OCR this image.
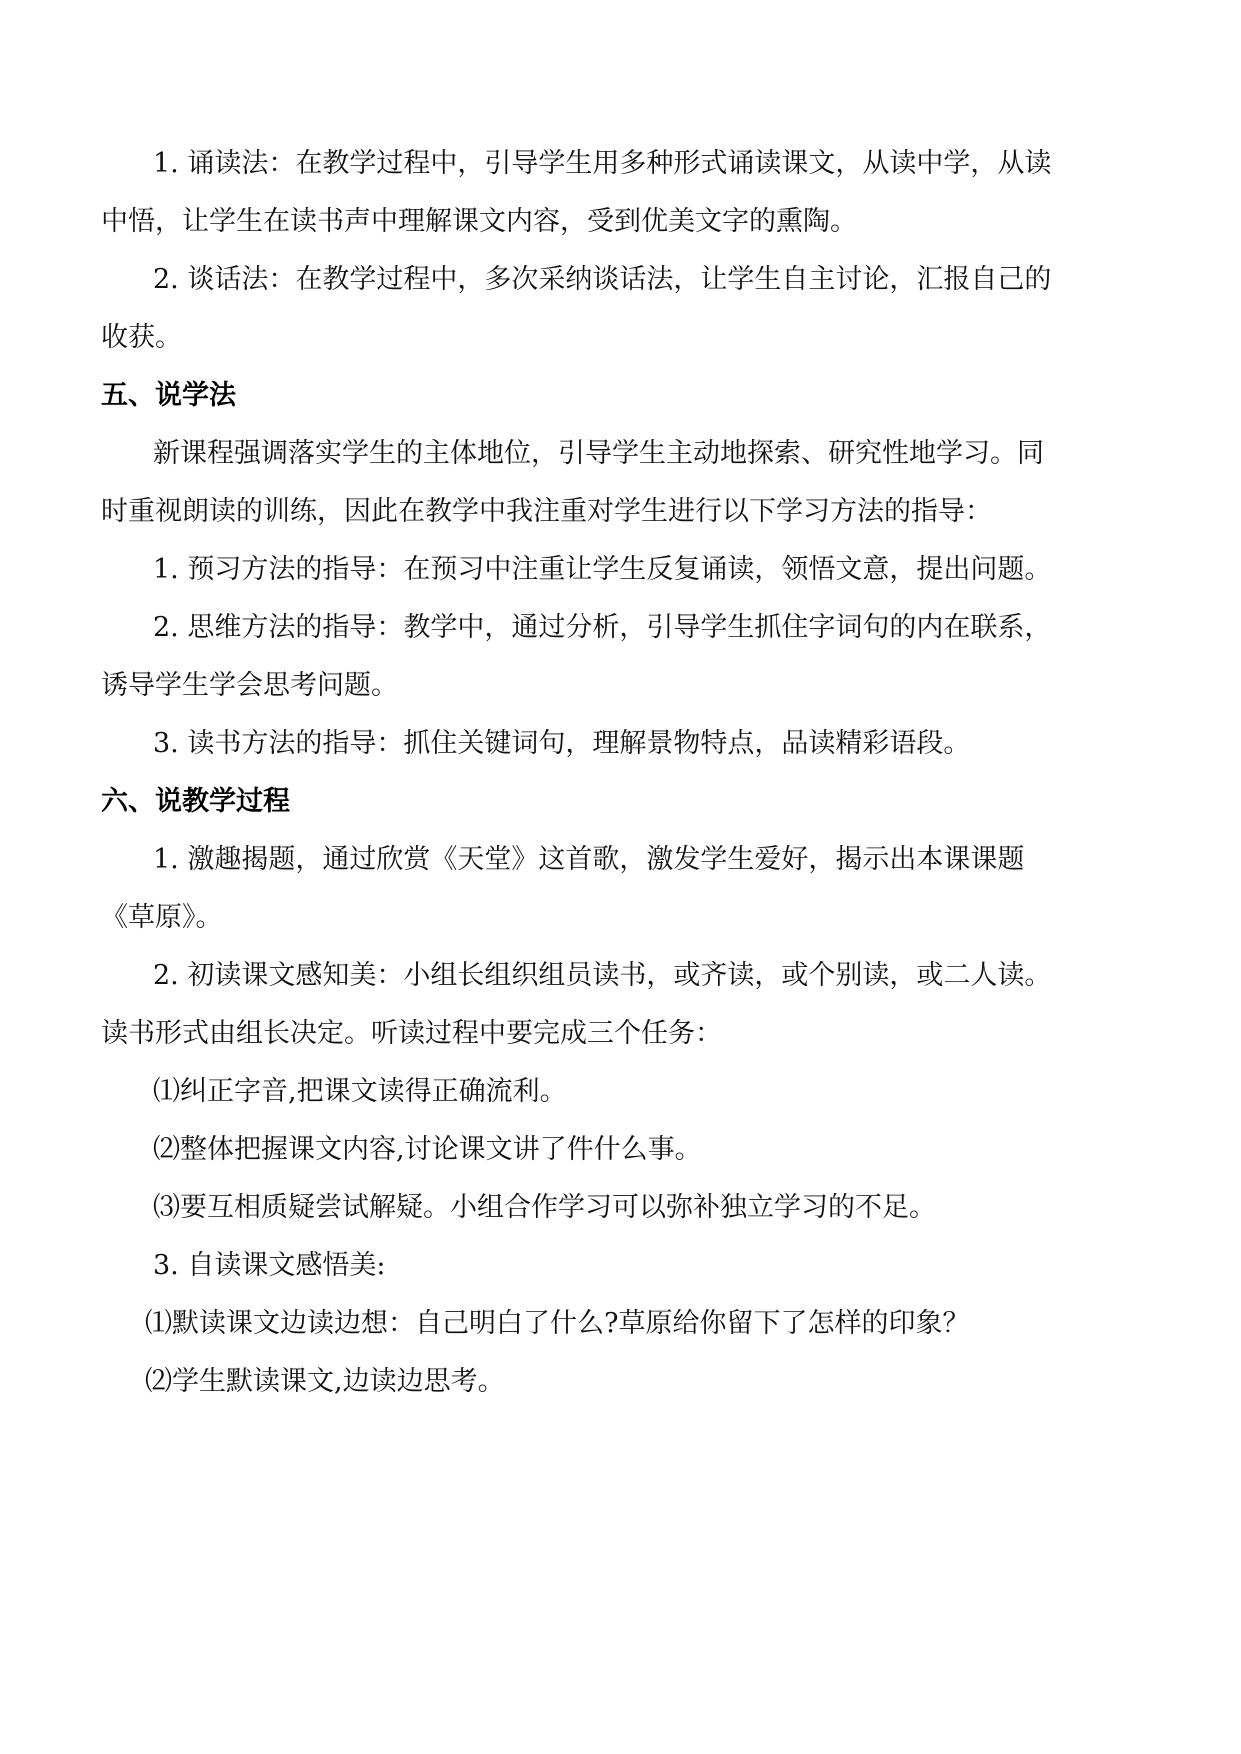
1. 诵读法：在教学过程中，引导学生用多种形式诵读课文，从读中学，从读
中悟，让学生在读书声中理解课文内容，受到优美文字的熏陶。
2. 谈话法：在教学过程中，多次采纳谈话法，让学生自主讨论，汇报自己的
收获。
五、说学法
新课程强调落实学生的主体地位，引导学生主动地探索、研究性地学习。同
时重视朗读的训练，因此在教学中我注重对学生进行以下学习方法的指导：
1. 预习方法的指导：在预习中注重让学生反复诵读，领悟文意，提出问题。
2. 思维方法的指导：教学中，通过分析，引导学生抓住字词句的内在联系，
诱导学生学会思考问题。
3. 读书方法的指导：抓住关键词句，理解景物特点，品读精彩语段。
六、说教学过程
1. 激趣揭题，通过欣赏《天堂》这首歌，激发学生爱好，揭示出本课课题
《草原》。
2. 初读课文感知美：小组长组织组员读书，或齐读，或个别读，或二人读。
读书形式由组长决定。听读过程中要完成三个任务：
⑴纠正字音,把课文读得正确流利。
⑵整体把握课文内容,讨论课文讲了件什么事。
⑶要互相质疑尝试解疑。小组合作学习可以弥补独立学习的不足。
3. 自读课文感悟美:
⑴默读课文边读边想：自己明白了什么?草原给你留下了怎样的印象？
⑵学生默读课文,边读边思考。
